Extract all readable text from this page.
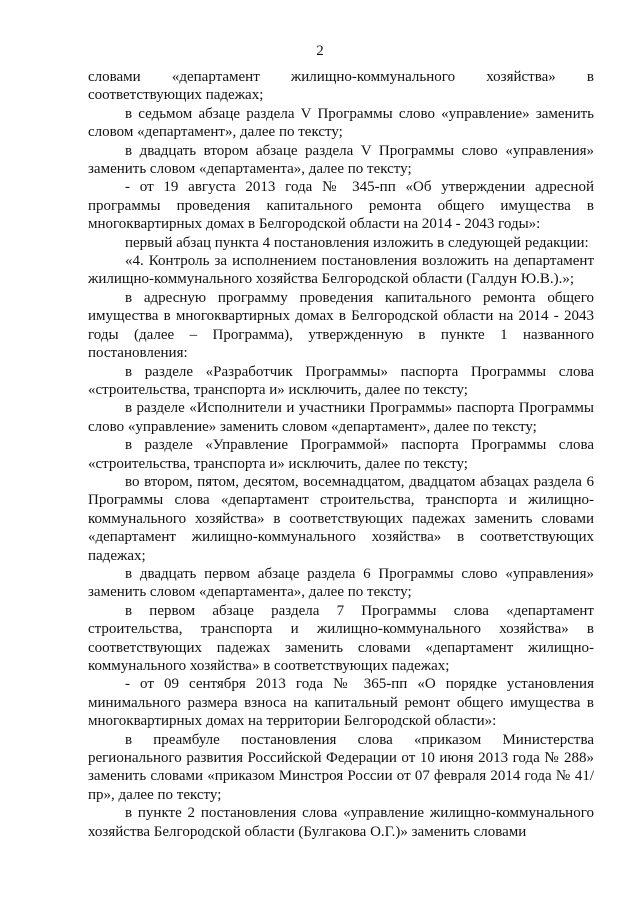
2

словами «департамент жилищно-коммунального хозяйства» в соответствующих падежах;

в седьмом абзаце раздела V Программы слово «управление» заменить словом «департамент», далее по тексту;

в двадцать втором абзаце раздела V Программы слово «управления» заменить словом «департамента», далее по тексту;

- от 19 августа 2013 года № 345-пп «Об утверждении адресной программы проведения капитального ремонта общего имущества в многоквартирных домах в Белгородской области на 2014 - 2043 годы»:

первый абзац пункта 4 постановления изложить в следующей редакции:

«4. Контроль за исполнением постановления возложить на департамент жилищно-коммунального хозяйства Белгородской области (Галдун Ю.В.).»;

в адресную программу проведения капитального ремонта общего имущества в многоквартирных домах в Белгородской области на 2014 - 2043 годы (далее – Программа), утвержденную в пункте 1 названного постановления:

в разделе «Разработчик Программы» паспорта Программы слова «строительства, транспорта и» исключить, далее по тексту;

в разделе «Исполнители и участники Программы» паспорта Программы слово «управление» заменить словом «департамент», далее по тексту;

в разделе «Управление Программой» паспорта Программы слова «строительства, транспорта и» исключить, далее по тексту;

во втором, пятом, десятом, восемнадцатом, двадцатом абзацах раздела 6 Программы слова «департамент строительства, транспорта и жилищно-коммунального хозяйства» в соответствующих падежах заменить словами «департамент жилищно-коммунального хозяйства» в соответствующих падежах;

в двадцать первом абзаце раздела 6 Программы слово «управления» заменить словом «департамента», далее по тексту;

в первом абзаце раздела 7 Программы слова «департамент строительства, транспорта и жилищно-коммунального хозяйства» в соответствующих падежах заменить словами «департамент жилищно-коммунального хозяйства» в соответствующих падежах;

- от 09 сентября 2013 года № 365-пп «О порядке установления минимального размера взноса на капитальный ремонт общего имущества в многоквартирных домах на территории Белгородской области»:

в преамбуле постановления слова «приказом Министерства регионального развития Российской Федерации от 10 июня 2013 года № 288» заменить словами «приказом Минстроя России от 07 февраля 2014 года № 41/пр», далее по тексту;

в пункте 2 постановления слова «управление жилищно-коммунального хозяйства Белгородской области (Булгакова О.Г.)» заменить словами
